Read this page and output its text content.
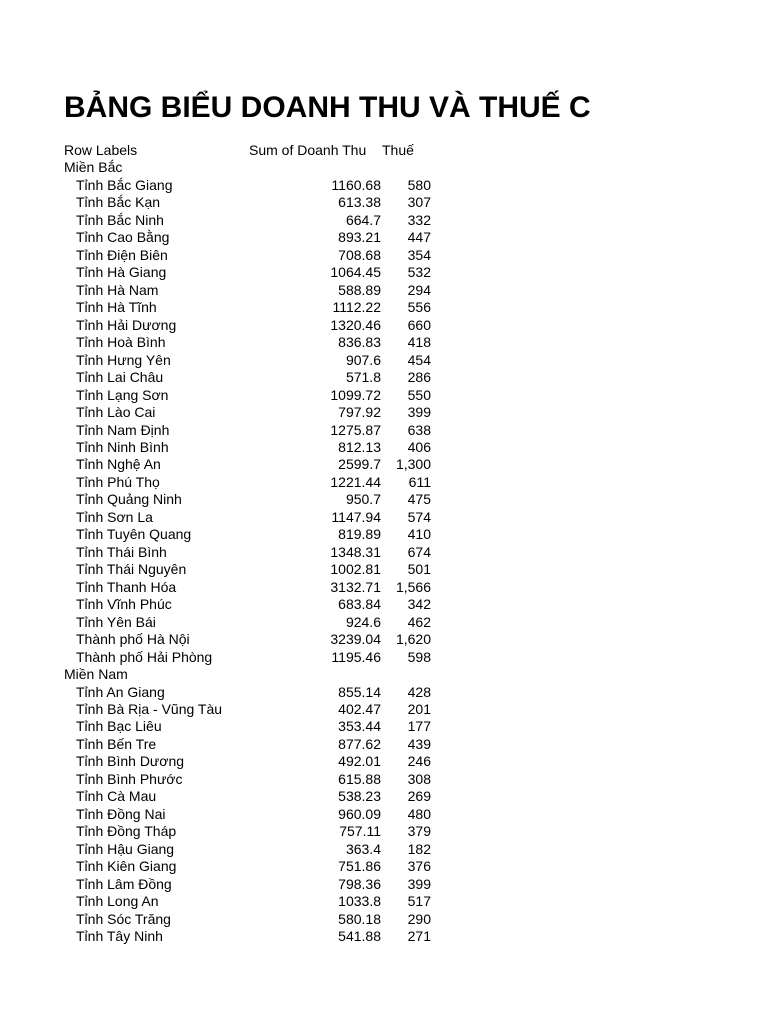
BẢNG BIỂU DOANH THU VÀ THUẾ C
Row Labels	Sum of Doanh Thu Thuế
Miền Bắc
Tỉnh Bắc Giang	1160.68 580
Tỉnh Bắc Kạn	613.38 307
Tỉnh Bắc Ninh	664.7 332
Tỉnh Cao Bằng	893.21 447
Tỉnh Điện Biên	708.68 354
Tỉnh Hà Giang	1064.45 532
Tỉnh Hà Nam	588.89 294
Tỉnh Hà Tĩnh	1112.22 556
Tỉnh Hải Dương	1320.46 660
Tỉnh Hoà Bình	836.83 418
Tỉnh Hưng Yên	907.6 454
Tỉnh Lai Châu	571.8 286
Tỉnh Lạng Sơn	1099.72 550
Tỉnh Lào Cai	797.92 399
Tỉnh Nam Định	1275.87 638
Tỉnh Ninh Bình	812.13 406
Tỉnh Nghệ An	2599.7 1,300
Tỉnh Phú Thọ	1221.44 611
Tỉnh Quảng Ninh	950.7 475
Tỉnh Sơn La	1147.94 574
Tỉnh Tuyên Quang	819.89 410
Tỉnh Thái Bình	1348.31 674
Tỉnh Thái Nguyên	1002.81 501
Tỉnh Thanh Hóa	3132.71 1,566
Tỉnh Vĩnh Phúc	683.84 342
Tỉnh Yên Bái	924.6 462
Thành phố Hà Nội	3239.04 1,620
Thành phố Hải Phòng	1195.46 598
Miền Nam
Tỉnh An Giang	855.14 428
Tỉnh Bà Rịa - Vũng Tàu	402.47 201
Tỉnh Bạc Liêu	353.44 177
Tỉnh Bến Tre	877.62 439
Tỉnh Bình Dương	492.01 246
Tỉnh Bình Phước	615.88 308
Tỉnh Cà Mau	538.23 269
Tỉnh Đồng Nai	960.09 480
Tỉnh Đồng Tháp	757.11 379
Tỉnh Hậu Giang	363.4 182
Tỉnh Kiên Giang	751.86 376
Tỉnh Lâm Đồng	798.36 399
Tỉnh Long An	1033.8 517
Tỉnh Sóc Trăng	580.18 290
Tỉnh Tây Ninh	541.88 271
